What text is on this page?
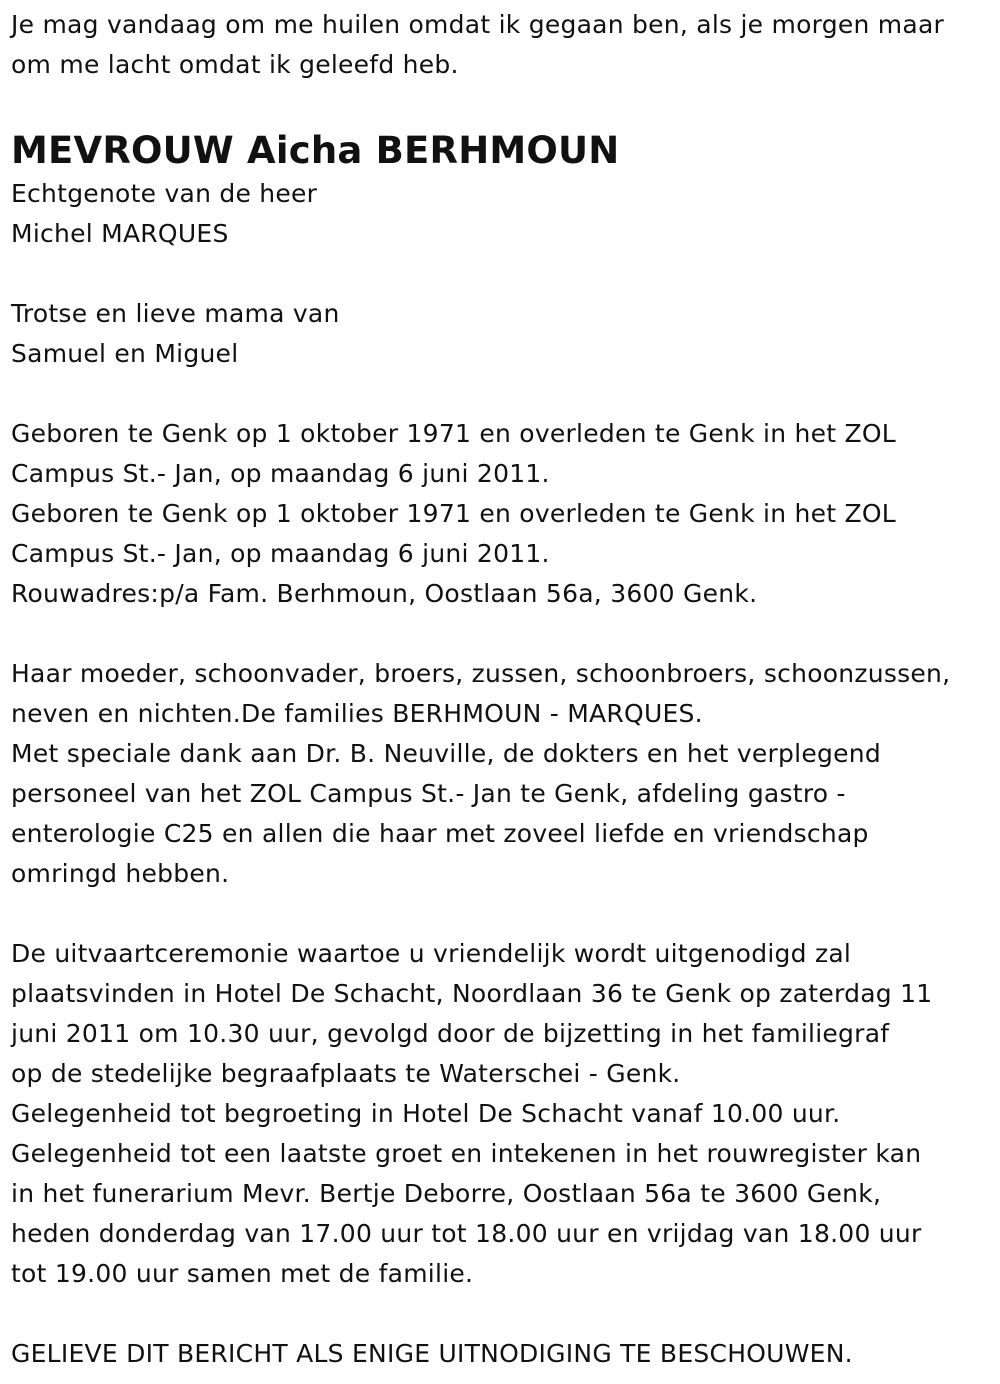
Je mag vandaag om me huilen omdat ik gegaan ben, als je morgen maar
om me lacht omdat ik geleefd heb.
MEVROUW Aicha BERHMOUN
Echtgenote van de heer
Michel MARQUES
Trotse en lieve mama van
Samuel en Miguel
Geboren te Genk op 1 oktober 1971 en overleden te Genk in het ZOL
Campus St.- Jan, op maandag 6 juni 2011.
Geboren te Genk op 1 oktober 1971 en overleden te Genk in het ZOL
Campus St.- Jan, op maandag 6 juni 2011.
Rouwadres:p/a Fam. Berhmoun, Oostlaan 56a, 3600 Genk.
Haar moeder, schoonvader, broers, zussen, schoonbroers, schoonzussen,
neven en nichten.De families BERHMOUN - MARQUES.
Met speciale dank aan Dr. B. Neuville, de dokters en het verplegend
personeel van het ZOL Campus St.- Jan te Genk, afdeling gastro -
enterologie C25 en allen die haar met zoveel liefde en vriendschap
omringd hebben.
De uitvaartceremonie waartoe u vriendelijk wordt uitgenodigd zal
plaatsvinden in Hotel De Schacht, Noordlaan 36 te Genk op zaterdag 11
juni 2011 om 10.30 uur, gevolgd door de bijzetting in het familiegraf
op de stedelijke begraafplaats te Waterschei - Genk.
Gelegenheid tot begroeting in Hotel De Schacht vanaf 10.00 uur.
Gelegenheid tot een laatste groet en intekenen in het rouwregister kan
in het funerarium Mevr. Bertje Deborre, Oostlaan 56a te 3600 Genk,
heden donderdag van 17.00 uur tot 18.00 uur en vrijdag van 18.00 uur
tot 19.00 uur samen met de familie.
GELIEVE DIT BERICHT ALS ENIGE UITNODIGING TE BESCHOUWEN.
